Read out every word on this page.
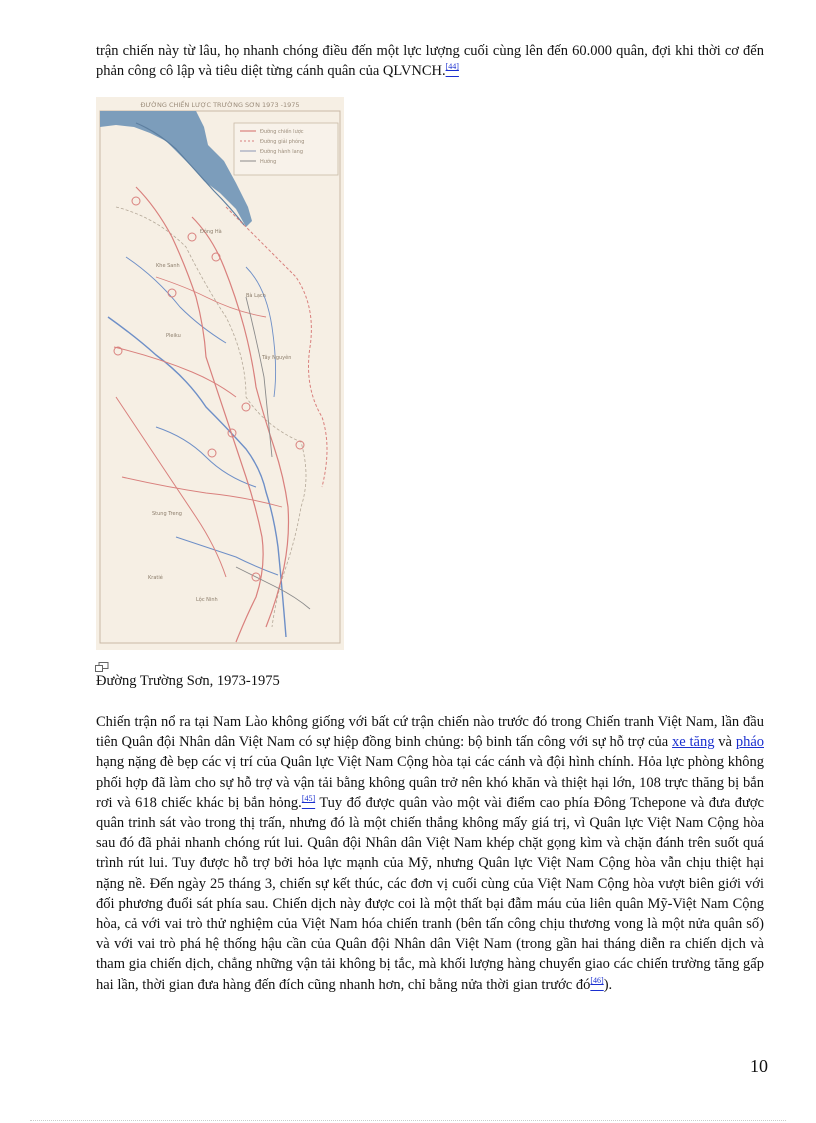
trận chiến này từ lâu, họ nhanh chóng điều đến một lực lượng cuối cùng lên đến 60.000 quân, đợi khi thời cơ đến phản công cô lập và tiêu diệt từng cánh quân của QLVNCH.[44]
ĐƯỜNG CHIẾN LƯỢC TRƯỜNG SƠN 1973 -1975
Đường chiến lược
Đường giải phóng
Đường hành lang
Hướng
Bà Lạch
Tây Nguyên
Stung Treng
Kratié
Lộc Ninh
Đông Hà
Khe Sanh
Pleiku
Đường Trường Sơn, 1973-1975
Chiến trận nổ ra tại Nam Lào không giống với bất cứ trận chiến nào trước đó trong Chiến tranh Việt Nam, lần đầu tiên Quân đội Nhân dân Việt Nam có sự hiệp đồng binh chủng: bộ binh tấn công với sự hỗ trợ của xe tăng và pháo hạng nặng đè bẹp các vị trí của Quân lực Việt Nam Cộng hòa tại các cánh và đội hình chính. Hỏa lực phòng không phối hợp đã làm cho sự hỗ trợ và vận tải bằng không quân trở nên khó khăn và thiệt hại lớn, 108 trực thăng bị bắn rơi và 618 chiếc khác bị bắn hỏng.[45] Tuy đổ được quân vào một vài điểm cao phía Đông Tchepone và đưa được quân trinh sát vào trong thị trấn, nhưng đó là một chiến thắng không mấy giá trị, vì Quân lực Việt Nam Cộng hòa sau đó đã phải nhanh chóng rút lui. Quân đội Nhân dân Việt Nam khép chặt gọng kìm và chặn đánh trên suốt quá trình rút lui. Tuy được hỗ trợ bởi hỏa lực mạnh của Mỹ, nhưng Quân lực Việt Nam Cộng hòa vẫn chịu thiệt hại nặng nề. Đến ngày 25 tháng 3, chiến sự kết thúc, các đơn vị cuối cùng của Việt Nam Cộng hòa vượt biên giới với đối phương đuổi sát phía sau. Chiến dịch này được coi là một thất bại đẫm máu của liên quân Mỹ-Việt Nam Cộng hòa, cả với vai trò thử nghiệm của Việt Nam hóa chiến tranh (bên tấn công chịu thương vong là một nửa quân số) và với vai trò phá hệ thống hậu cần của Quân đội Nhân dân Việt Nam (trong gần hai tháng diễn ra chiến dịch và tham gia chiến dịch, chẳng những vận tải không bị tắc, mà khối lượng hàng chuyển giao các chiến trường tăng gấp hai lần, thời gian đưa hàng đến đích cũng nhanh hơn, chỉ bằng nửa thời gian trước đó[46]).
10
